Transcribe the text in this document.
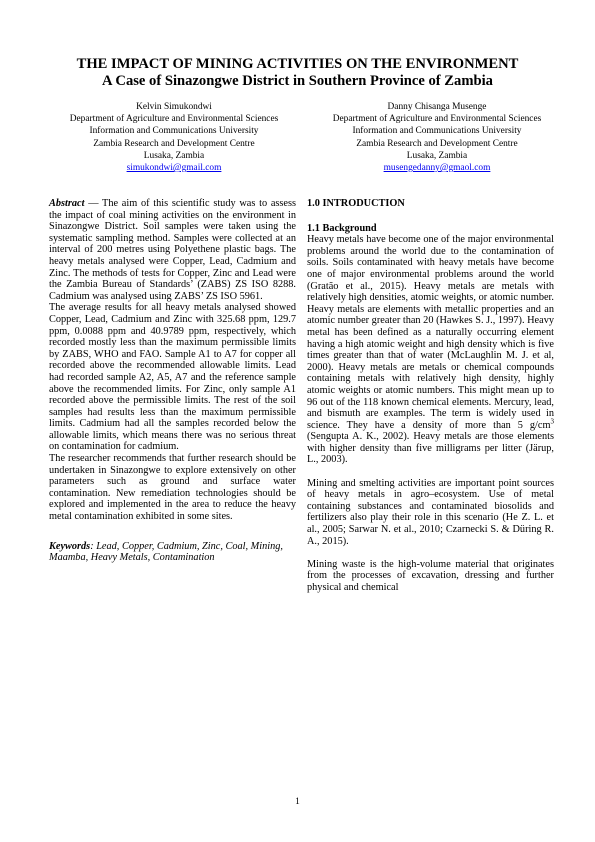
THE IMPACT OF MINING ACTIVITIES ON THE ENVIRONMENT
A Case of Sinazongwe District in Southern Province of Zambia
Kelvin Simukondwi
Department of Agriculture and Environmental Sciences
Information and Communications University
Zambia Research and Development Centre
Lusaka, Zambia
simukondwi@gmail.com
Danny Chisanga Musenge
Department of Agriculture and Environmental Sciences
Information and Communications University
Zambia Research and Development Centre
Lusaka, Zambia
musengedanny@gmaol.com

Abstract — The aim of this scientific study was to assess the impact of coal mining activities on the environment in Sinazongwe District. Soil samples were taken using the systematic sampling method. Samples were collected at an interval of 200 metres using Polyethene plastic bags. The heavy metals analysed were Copper, Lead, Cadmium and Zinc. The methods of tests for Copper, Zinc and Lead were the Zambia Bureau of Standards’ (ZABS) ZS ISO 8288. Cadmium was analysed using ZABS’ ZS ISO 5961.

The average results for all heavy metals analysed showed Copper, Lead, Cadmium and Zinc with 325.68 ppm, 129.7 ppm, 0.0088 ppm and 40.9789 ppm, respectively, which recorded mostly less than the maximum permissible limits by ZABS, WHO and FAO. Sample A1 to A7 for copper all recorded above the recommended allowable limits. Lead had recorded sample A2, A5, A7 and the reference sample above the recommended limits. For Zinc, only sample A1 recorded above the permissible limits. The rest of the soil samples had results less than the maximum permissible limits. Cadmium had all the samples recorded below the allowable limits, which means there was no serious threat on contamination for cadmium.

The researcher recommends that further research should be undertaken in Sinazongwe to explore extensively on other parameters such as ground and surface water contamination. New remediation technologies should be explored and implemented in the area to reduce the heavy metal contamination exhibited in some sites.

Keywords: Lead, Copper, Cadmium, Zinc, Coal, Mining, Maamba, Heavy Metals, Contamination

1.0 INTRODUCTION

1.1 Background

Heavy metals have become one of the major environmental problems around the world due to the contamination of soils. Soils contaminated with heavy metals have become one of major environmental problems around the world (Gratão et al., 2015). Heavy metals are metals with relatively high densities, atomic weights, or atomic number. Heavy metals are elements with metallic properties and an atomic number greater than 20 (Hawkes S. J., 1997). Heavy metal has been defined as a naturally occurring element having a high atomic weight and high density which is five times greater than that of water (McLaughlin M. J. et al, 2000). Heavy metals are metals or chemical compounds containing metals with relatively high density, highly atomic weights or atomic numbers. This might mean up to 96 out of the 118 known chemical elements. Mercury, lead, and bismuth are examples. The term is widely used in science. They have a density of more than 5 $g/cm^3$ (Sengupta A. K., 2002). Heavy metals are those elements with higher density than five milligrams per litter (Järup, L., 2003).

Mining and smelting activities are important point sources of heavy metals in agro–ecosystem. Use of metal containing substances and contaminated biosolids and fertilizers also play their role in this scenario (He Z. L. et al., 2005; Sarwar N. et al., 2010; Czarnecki S. & Düring R. A., 2015).

Mining waste is the high-volume material that originates from the processes of excavation, dressing and further physical and chemical

1
